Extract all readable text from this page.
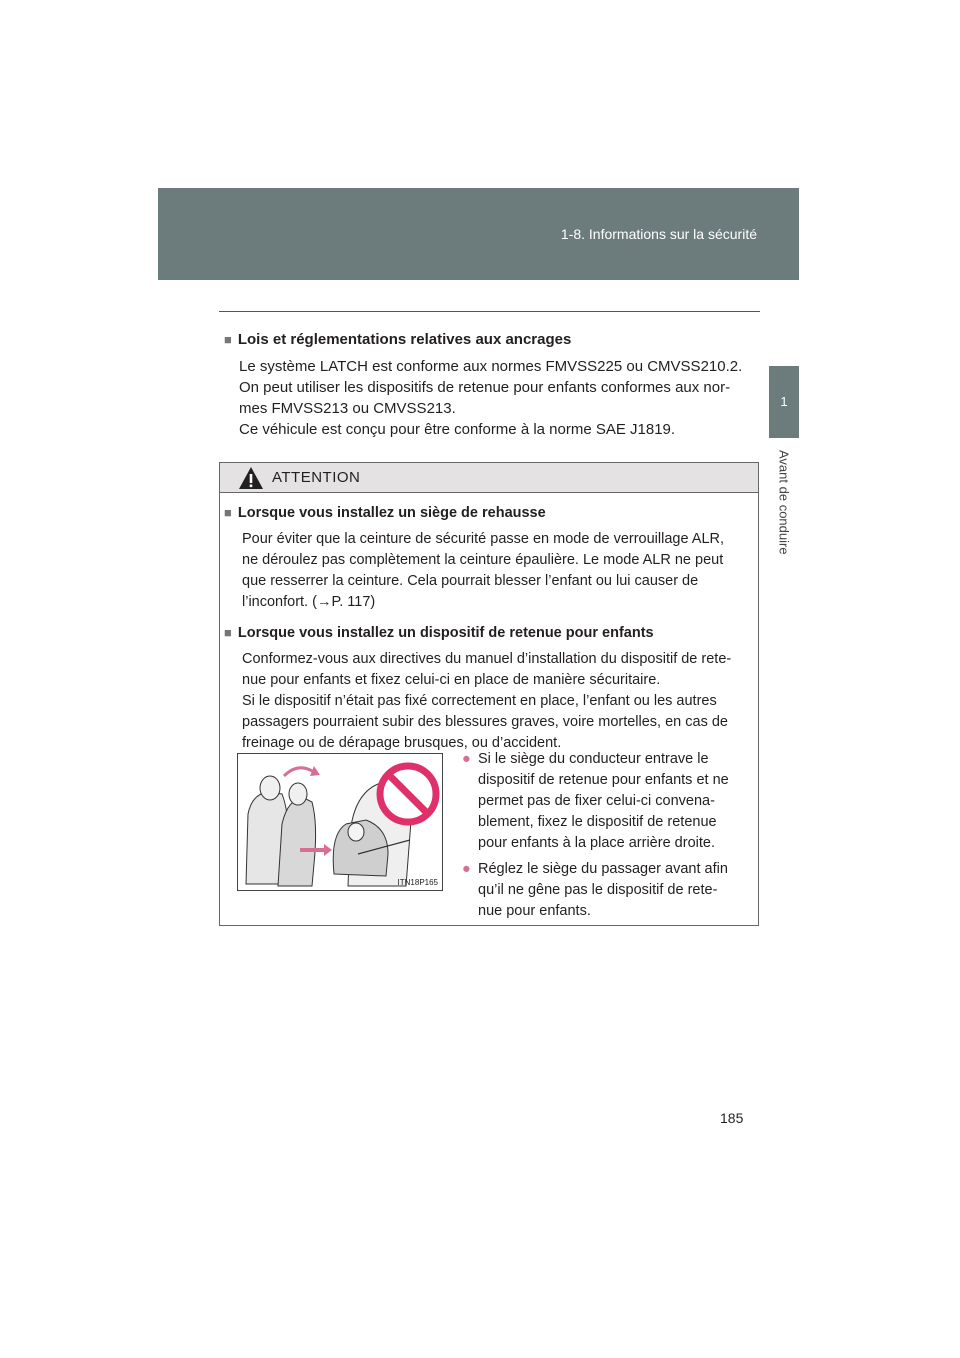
1-8. Informations sur la sécurité
1
Avant de conduire

■ Lois et réglementations relatives aux ancrages

Le système LATCH est conforme aux normes FMVSS225 ou CMVSS210.2.
On peut utiliser les dispositifs de retenue pour enfants conformes aux nor-
mes FMVSS213 ou CMVSS213.
Ce véhicule est conçu pour être conforme à la norme SAE J1819.

ATTENTION

■ Lorsque vous installez un siège de rehausse

Pour éviter que la ceinture de sécurité passe en mode de verrouillage ALR,
ne déroulez pas complètement la ceinture épaulière. Le mode ALR ne peut
que resserrer la ceinture. Cela pourrait blesser l’enfant ou lui causer de
l’inconfort. (→P. 117)

■ Lorsque vous installez un dispositif de retenue pour enfants

Conformez-vous aux directives du manuel d’installation du dispositif de rete-
nue pour enfants et fixez celui-ci en place de manière sécuritaire.
Si le dispositif n’était pas fixé correctement en place, l’enfant ou les autres
passagers pourraient subir des blessures graves, voire mortelles, en cas de
freinage ou de dérapage brusques, ou d’accident.

ITN18P165
● Si le siège du conducteur entrave le
dispositif de retenue pour enfants et ne
permet pas de fixer celui-ci convena-
blement, fixez le dispositif de retenue
pour enfants à la place arrière droite.
● Réglez le siège du passager avant afin
qu’il ne gêne pas le dispositif de rete-
nue pour enfants.
185
